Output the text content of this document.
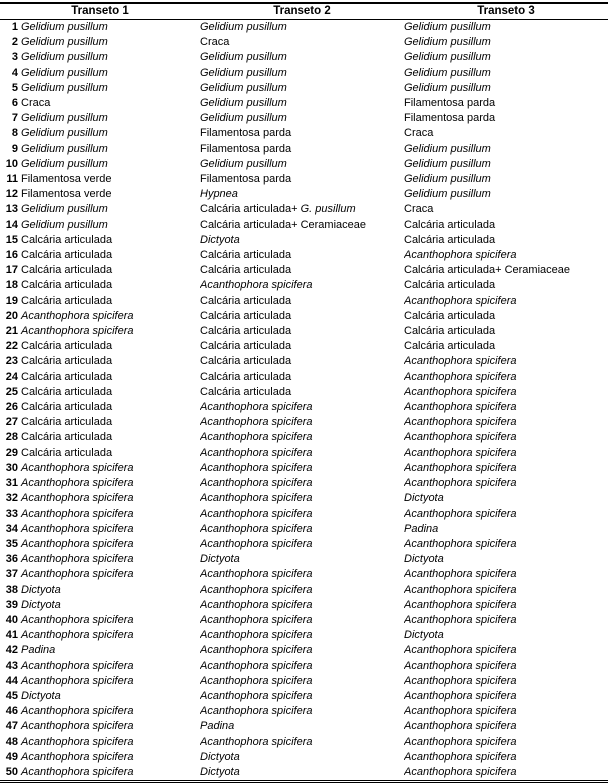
Transeto 1	Transeto 2	Transeto 3
1 Gelidium pusillum	Gelidium pusillum	Gelidium pusillum
2 Gelidium pusillum	Craca	Gelidium pusillum
3 Gelidium pusillum	Gelidium pusillum	Gelidium pusillum
4 Gelidium pusillum	Gelidium pusillum	Gelidium pusillum
5 Gelidium pusillum	Gelidium pusillum	Gelidium pusillum
6 Craca	Gelidium pusillum	Filamentosa parda
7 Gelidium pusillum	Gelidium pusillum	Filamentosa parda
8 Gelidium pusillum	Filamentosa parda	Craca
9 Gelidium pusillum	Filamentosa parda	Gelidium pusillum
10 Gelidium pusillum	Gelidium pusillum	Gelidium pusillum
11 Filamentosa verde	Filamentosa parda	Gelidium pusillum
12 Filamentosa verde	Hypnea	Gelidium pusillum
13 Gelidium pusillum	Calcária articulada+ G. pusillum	Craca
14 Gelidium pusillum	Calcária articulada+ Ceramiaceae	Calcária articulada
15 Calcária articulada	Dictyota	Calcária articulada
16 Calcária articulada	Calcária articulada	Acanthophora spicifera
17 Calcária articulada	Calcária articulada	Calcária articulada+ Ceramiaceae
18 Calcária articulada	Acanthophora spicifera	Calcária articulada
19 Calcária articulada	Calcária articulada	Acanthophora spicifera
20 Acanthophora spicifera	Calcária articulada	Calcária articulada
21 Acanthophora spicifera	Calcária articulada	Calcária articulada
22 Calcária articulada	Calcária articulada	Calcária articulada
23 Calcária articulada	Calcária articulada	Acanthophora spicifera
24 Calcária articulada	Calcária articulada	Acanthophora spicifera
25 Calcária articulada	Calcária articulada	Acanthophora spicifera
26 Calcária articulada	Acanthophora spicifera	Acanthophora spicifera
27 Calcária articulada	Acanthophora spicifera	Acanthophora spicifera
28 Calcária articulada	Acanthophora spicifera	Acanthophora spicifera
29 Calcária articulada	Acanthophora spicifera	Acanthophora spicifera
30 Acanthophora spicifera	Acanthophora spicifera	Acanthophora spicifera
31 Acanthophora spicifera	Acanthophora spicifera	Acanthophora spicifera
32 Acanthophora spicifera	Acanthophora spicifera	Dictyota
33 Acanthophora spicifera	Acanthophora spicifera	Acanthophora spicifera
34 Acanthophora spicifera	Acanthophora spicifera	Padina
35 Acanthophora spicifera	Acanthophora spicifera	Acanthophora spicifera
36 Acanthophora spicifera	Dictyota	Dictyota
37 Acanthophora spicifera	Acanthophora spicifera	Acanthophora spicifera
38 Dictyota	Acanthophora spicifera	Acanthophora spicifera
39 Dictyota	Acanthophora spicifera	Acanthophora spicifera
40 Acanthophora spicifera	Acanthophora spicifera	Acanthophora spicifera
41 Acanthophora spicifera	Acanthophora spicifera	Dictyota
42 Padina	Acanthophora spicifera	Acanthophora spicifera
43 Acanthophora spicifera	Acanthophora spicifera	Acanthophora spicifera
44 Acanthophora spicifera	Acanthophora spicifera	Acanthophora spicifera
45 Dictyota	Acanthophora spicifera	Acanthophora spicifera
46 Acanthophora spicifera	Acanthophora spicifera	Acanthophora spicifera
47 Acanthophora spicifera	Padina	Acanthophora spicifera
48 Acanthophora spicifera	Acanthophora spicifera	Acanthophora spicifera
49 Acanthophora spicifera	Dictyota	Acanthophora spicifera
50 Acanthophora spicifera	Dictyota	Acanthophora spicifera
